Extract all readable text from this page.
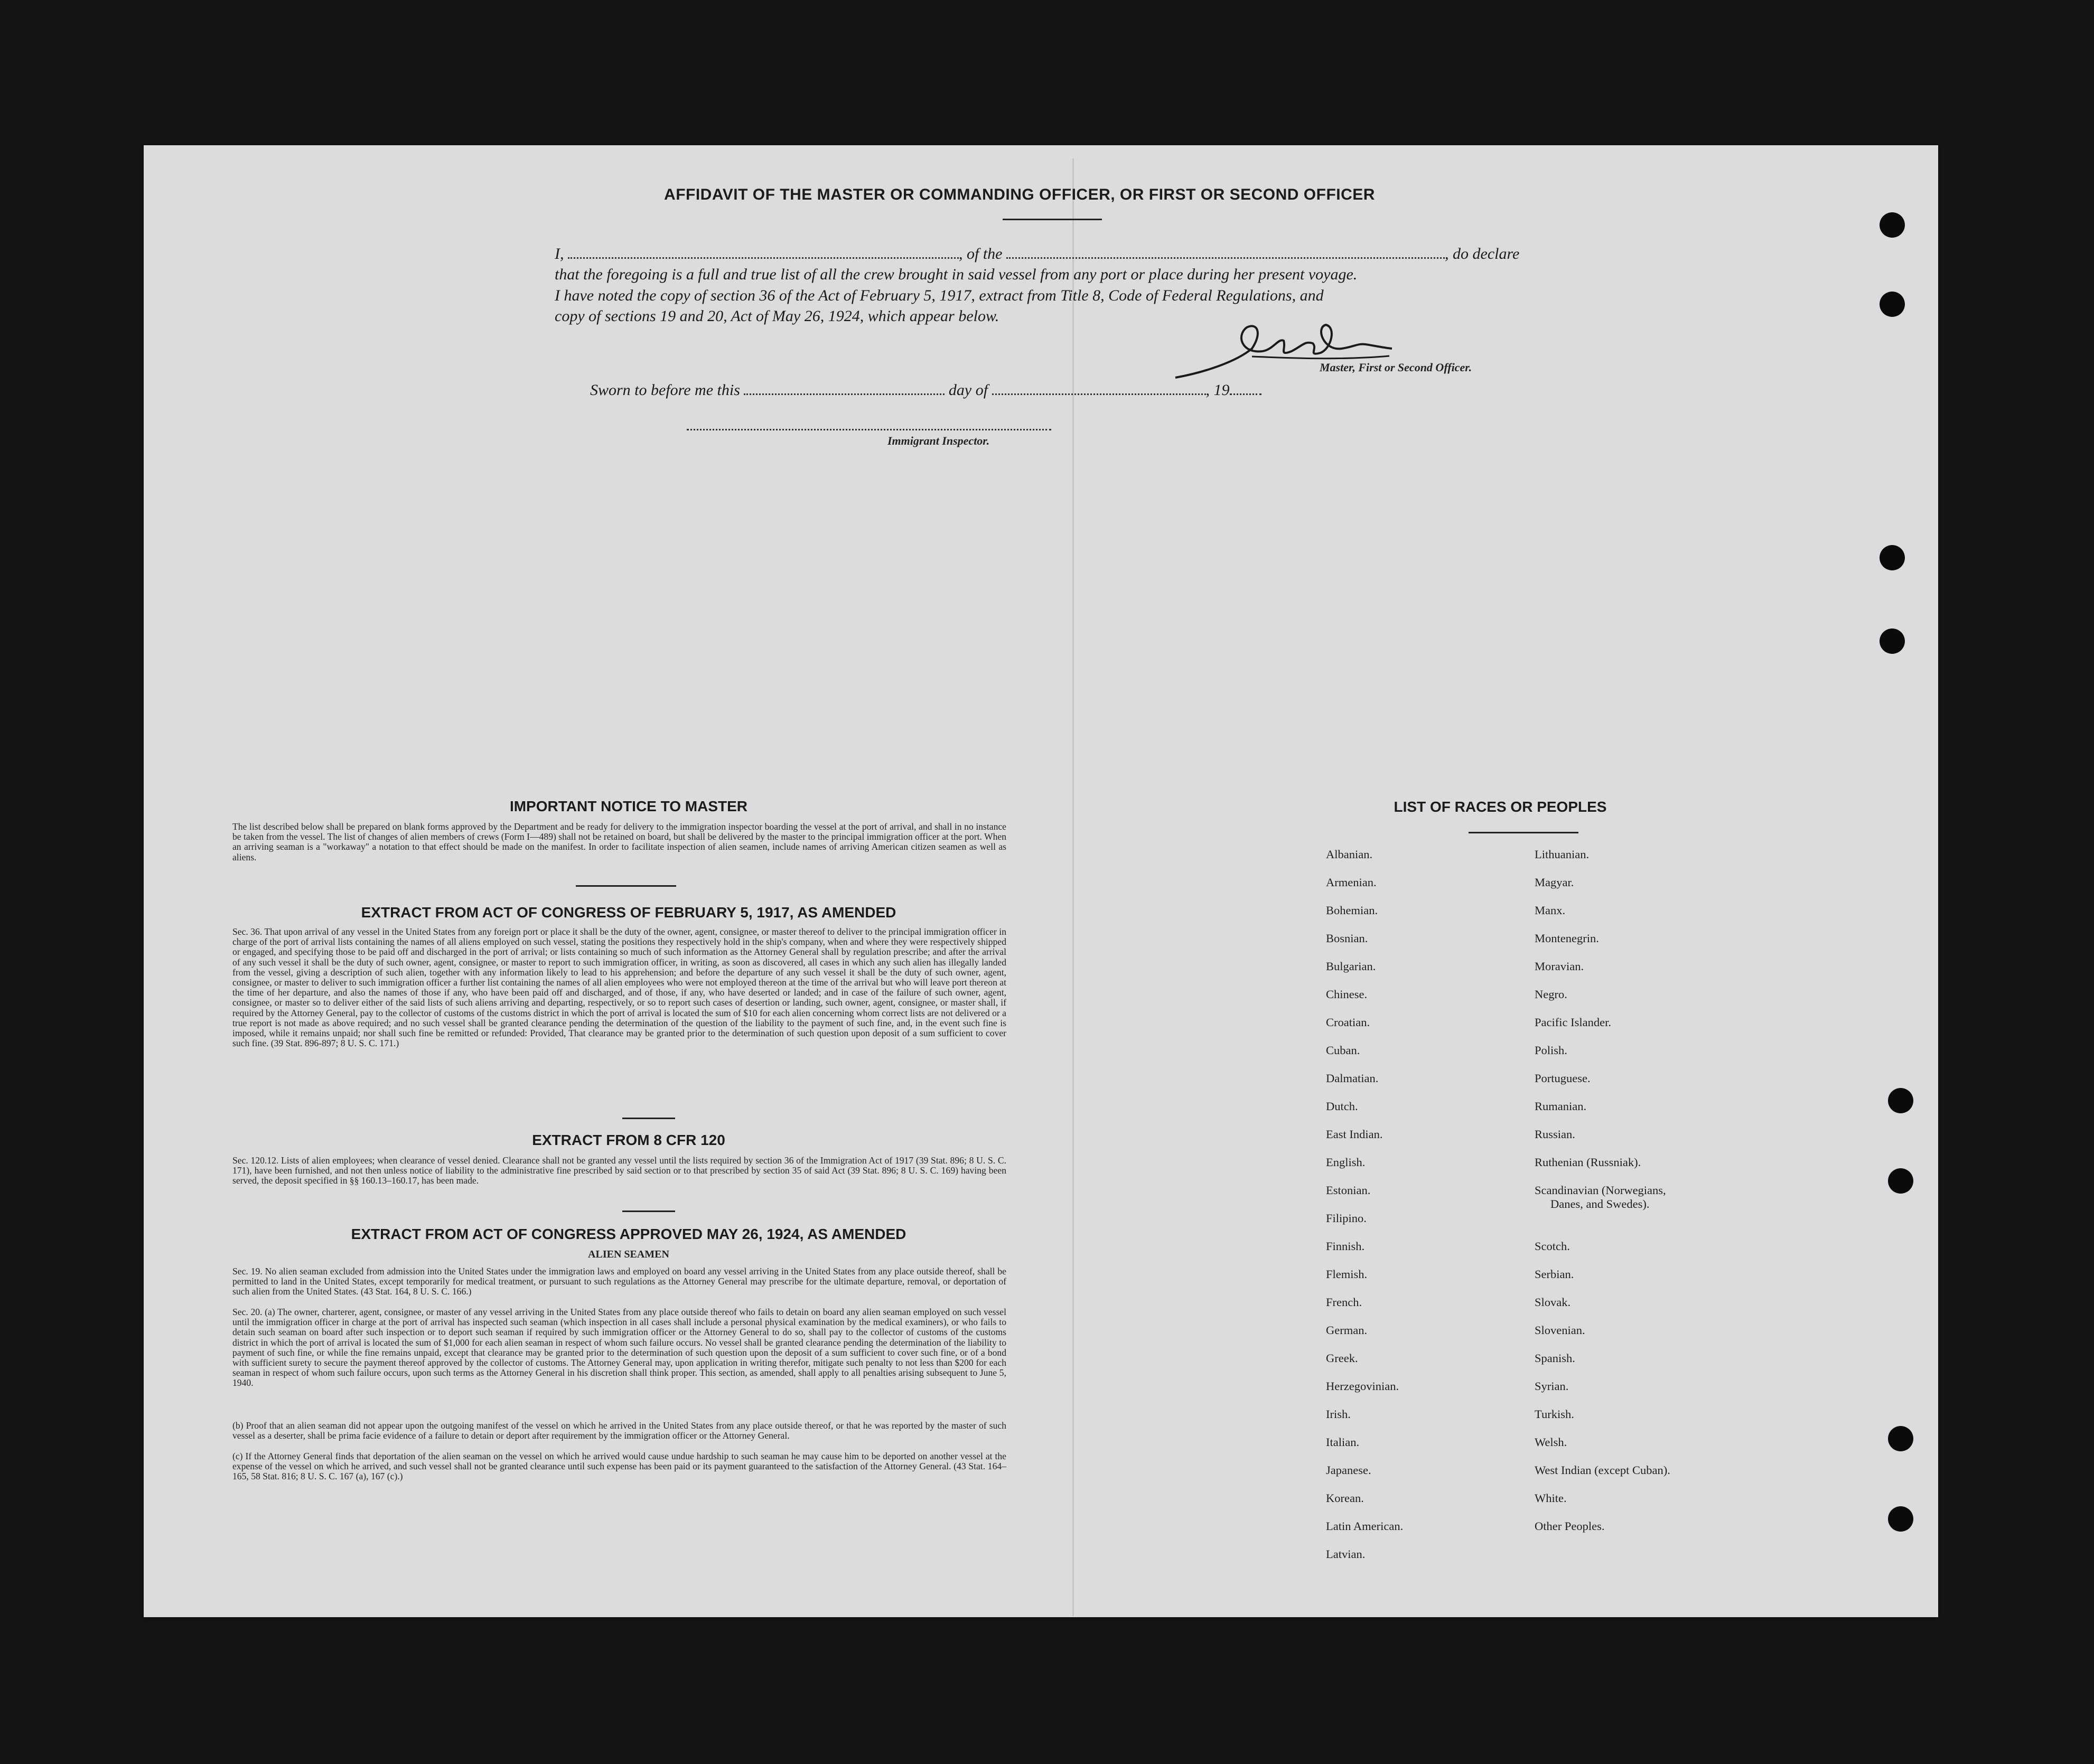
AFFIDAVIT OF THE MASTER OR COMMANDING OFFICER, OR FIRST OR SECOND OFFICER
I,	, of the	, do declare
that the foregoing is a full and true list of all the crew brought in said vessel from any port or place during her present voyage.
I have noted the copy of section 36 of the Act of February 5, 1917, extract from Title 8, Code of Federal Regulations, and
copy of sections 19 and 20, Act of May 26, 1924, which appear below.
Master, First or Second Officer.
Sworn to before me this	day of	, 19
Immigrant Inspector.
IMPORTANT NOTICE TO MASTER
The list described below shall be prepared on blank forms approved by the Department and be ready for delivery to the immigration inspector boarding the vessel at the port of arrival, and shall in no instance be taken from the vessel. The list of changes of alien members of crews (Form I—489) shall not be retained on board, but shall be delivered by the master to the principal immigration officer at the port. When an arriving seaman is a "workaway" a notation to that effect should be made on the manifest. In order to facilitate inspection of alien seamen, include names of arriving American citizen seamen as well as aliens.
EXTRACT FROM ACT OF CONGRESS OF FEBRUARY 5, 1917, AS AMENDED
Sec. 36. That upon arrival of any vessel in the United States from any foreign port or place it shall be the duty of the owner, agent, consignee, or master thereof to deliver to the principal immigration officer in charge of the port of arrival lists containing the names of all aliens employed on such vessel, stating the positions they respectively hold in the ship's company, when and where they were respectively shipped or engaged, and specifying those to be paid off and discharged in the port of arrival; or lists containing so much of such information as the Attorney General shall by regulation prescribe; and after the arrival of any such vessel it shall be the duty of such owner, agent, consignee, or master to report to such immigration officer, in writing, as soon as discovered, all cases in which any such alien has illegally landed from the vessel, giving a description of such alien, together with any information likely to lead to his apprehension; and before the departure of any such vessel it shall be the duty of such owner, agent, consignee, or master to deliver to such immigration officer a further list containing the names of all alien employees who were not employed thereon at the time of the arrival but who will leave port thereon at the time of her departure, and also the names of those if any, who have been paid off and discharged, and of those, if any, who have deserted or landed; and in case of the failure of such owner, agent, consignee, or master so to deliver either of the said lists of such aliens arriving and departing, respectively, or so to report such cases of desertion or landing, such owner, agent, consignee, or master shall, if required by the Attorney General, pay to the collector of customs of the customs district in which the port of arrival is located the sum of $10 for each alien concerning whom correct lists are not delivered or a true report is not made as above required; and no such vessel shall be granted clearance pending the determination of the question of the liability to the payment of such fine, and, in the event such fine is imposed, while it remains unpaid; nor shall such fine be remitted or refunded: Provided, That clearance may be granted prior to the determination of such question upon deposit of a sum sufficient to cover such fine. (39 Stat. 896-897; 8 U. S. C. 171.)
EXTRACT FROM 8 CFR 120
Sec. 120.12. Lists of alien employees; when clearance of vessel denied. Clearance shall not be granted any vessel until the lists required by section 36 of the Immigration Act of 1917 (39 Stat. 896; 8 U. S. C. 171), have been furnished, and not then unless notice of liability to the administrative fine prescribed by said section or to that prescribed by section 35 of said Act (39 Stat. 896; 8 U. S. C. 169) having been served, the deposit specified in §§ 160.13–160.17, has been made.
EXTRACT FROM ACT OF CONGRESS APPROVED MAY 26, 1924, AS AMENDED
ALIEN SEAMEN
Sec. 19. No alien seaman excluded from admission into the United States under the immigration laws and employed on board any vessel arriving in the United States from any place outside thereof, shall be permitted to land in the United States, except temporarily for medical treatment, or pursuant to such regulations as the Attorney General may prescribe for the ultimate departure, removal, or deportation of such alien from the United States. (43 Stat. 164, 8 U. S. C. 166.)
Sec. 20. (a) The owner, charterer, agent, consignee, or master of any vessel arriving in the United States from any place outside thereof who fails to detain on board any alien seaman employed on such vessel until the immigration officer in charge at the port of arrival has inspected such seaman (which inspection in all cases shall include a personal physical examination by the medical examiners), or who fails to detain such seaman on board after such inspection or to deport such seaman if required by such immigration officer or the Attorney General to do so, shall pay to the collector of customs of the customs district in which the port of arrival is located the sum of $1,000 for each alien seaman in respect of whom such failure occurs. No vessel shall be granted clearance pending the determination of the liability to payment of such fine, or while the fine remains unpaid, except that clearance may be granted prior to the determination of such question upon the deposit of a sum sufficient to cover such fine, or of a bond with sufficient surety to secure the payment thereof approved by the collector of customs. The Attorney General may, upon application in writing therefor, mitigate such penalty to not less than $200 for each seaman in respect of whom such failure occurs, upon such terms as the Attorney General in his discretion shall think proper. This section, as amended, shall apply to all penalties arising subsequent to June 5, 1940.
(b) Proof that an alien seaman did not appear upon the outgoing manifest of the vessel on which he arrived in the United States from any place outside thereof, or that he was reported by the master of such vessel as a deserter, shall be prima facie evidence of a failure to detain or deport after requirement by the immigration officer or the Attorney General.
(c) If the Attorney General finds that deportation of the alien seaman on the vessel on which he arrived would cause undue hardship to such seaman he may cause him to be deported on another vessel at the expense of the vessel on which he arrived, and such vessel shall not be granted clearance until such expense has been paid or its payment guaranteed to the satisfaction of the Attorney General. (43 Stat. 164–165, 58 Stat. 816; 8 U. S. C. 167 (a), 167 (c).)
LIST OF RACES OR PEOPLES
Albanian.
Armenian.
Bohemian.
Bosnian.
Bulgarian.
Chinese.
Croatian.
Cuban.
Dalmatian.
Dutch.
East Indian.
English.
Estonian.
Filipino.
Finnish.
Flemish.
French.
German.
Greek.
Herzegovinian.
Irish.
Italian.
Japanese.
Korean.
Latin American.
Latvian.
Lithuanian.
Magyar.
Manx.
Montenegrin.
Moravian.
Negro.
Pacific Islander.
Polish.
Portuguese.
Rumanian.
Russian.
Ruthenian (Russniak).
Scandinavian (Norwegians,
Scotch.
Serbian.
Slovak.
Slovenian.
Spanish.
Syrian.
Turkish.
Welsh.
West Indian (except Cuban).
White.
Other Peoples.
Danes, and Swedes).
